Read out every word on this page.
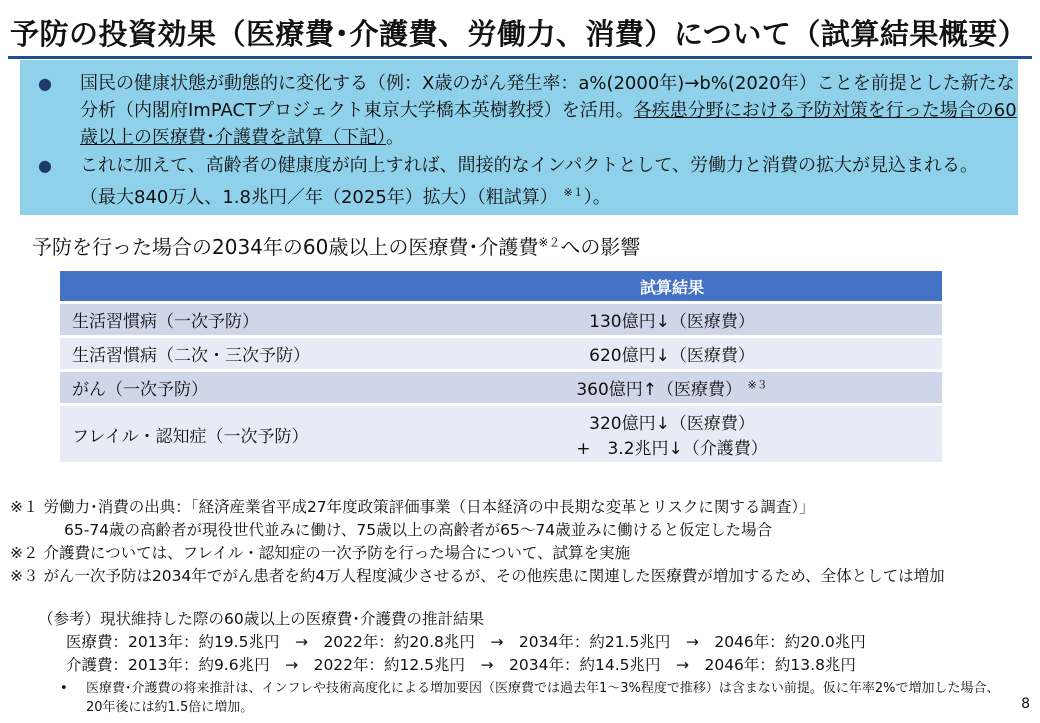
予防の投資効果（医療費･介護費、労働力、消費）について（試算結果概要）
● 国民の健康状態が動態的に変化する（例：X歳のがん発生率：a%(2000年)→b%(2020年）ことを前提とした新たな分析（内閣府ImPACTプロジェクト東京大学橋本英樹教授）を活用。各疾患分野における予防対策を行った場合の60歳以上の医療費･介護費を試算（下記）。
● これに加えて、高齢者の健康度が向上すれば、間接的なインパクトとして、労働力と消費の拡大が見込まれる。
（最大840万人、1.8兆円／年（2025年）拡大）（粗試算） $^{※1}$）。
予防を行った場合の2034年の60歳以上の医療費･介護費$^{※2}$への影響
	試算結果
生活習慣病（一次予防）	130億円↓（医療費）
生活習慣病（二次・三次予防）	620億円↓（医療費）
がん（一次予防）	360億円↑（医療費） $^{※3}$
フレイル・認知症（一次予防）	320億円↓（医療費）
+　3.2兆円↓（介護費）
※１ 労働力･消費の出典：「経済産業省平成27年度政策評価事業（日本経済の中長期な変革とリスクに関する調査）」
65-74歳の高齢者が現役世代並みに働け、75歳以上の高齢者が65～74歳並みに働けると仮定した場合
※２ 介護費については、フレイル・認知症の一次予防を行った場合について、試算を実施
※３ がん一次予防は2034年でがん患者を約4万人程度減少させるが、その他疾患に関連した医療費が増加するため、全体としては増加
（参考）現状維持した際の60歳以上の医療費･介護費の推計結果
医療費：2013年：約19.5兆円　→　2022年：約20.8兆円　→　2034年：約21.5兆円　→　2046年：約20.0兆円
介護費：2013年：約9.6兆円　→　2022年：約12.5兆円　→　2034年：約14.5兆円　→　2046年：約13.8兆円
•	医療費･介護費の将来推計は、インフレや技術高度化による増加要因（医療費では過去年1～3%程度で推移）は含まない前提。仮に年率2%で増加した場合、20年後には約1.5倍に増加。	8
